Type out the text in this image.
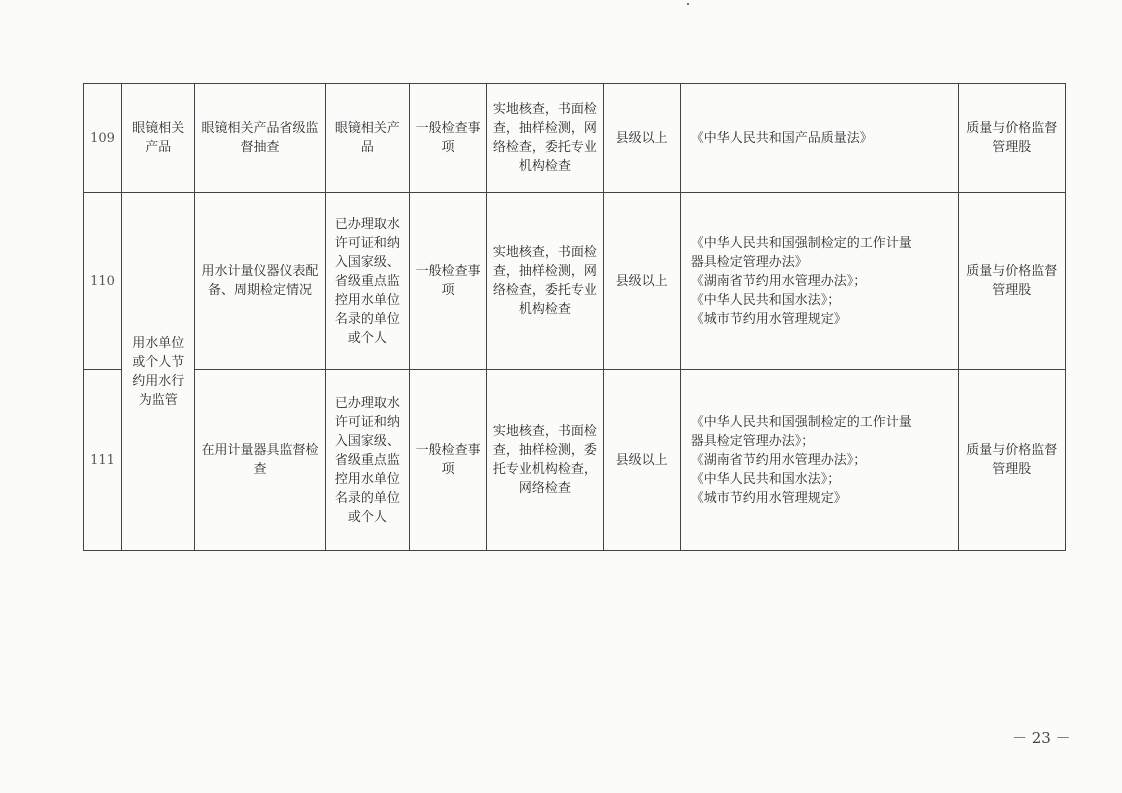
109	眼镜相关产品	眼镜相关产品省级监督抽查	眼镜相关产品	一般检查事项	实地核查，书面检查，抽样检测，网络检查，委托专业机构检查	县级以上	《中华人民共和国产品质量法》	质量与价格监督管理股
110	用水单位或个人节约用水行为监管	用水计量仪器仪表配备、周期检定情况	已办理取水许可证和纳入国家级、省级重点监控用水单位名录的单位或个人	一般检查事项	实地核查，书面检查，抽样检测，网络检查，委托专业机构检查	县级以上	《中华人民共和国强制检定的工作计量
器具检定管理办法》
《湖南省节约用水管理办法》；
《中华人民共和国水法》；
《城市节约用水管理规定》	质量与价格监督管理股
111		在用计量器具监督检查	已办理取水许可证和纳入国家级、省级重点监控用水单位名录的单位或个人	一般检查事项	实地核查，书面检查，抽样检测，委托专业机构检查，网络检查	县级以上	《中华人民共和国强制检定的工作计量
器具检定管理办法》；
《湖南省节约用水管理办法》；
《中华人民共和国水法》；
《城市节约用水管理规定》	质量与价格监督管理股
－ 23 －
